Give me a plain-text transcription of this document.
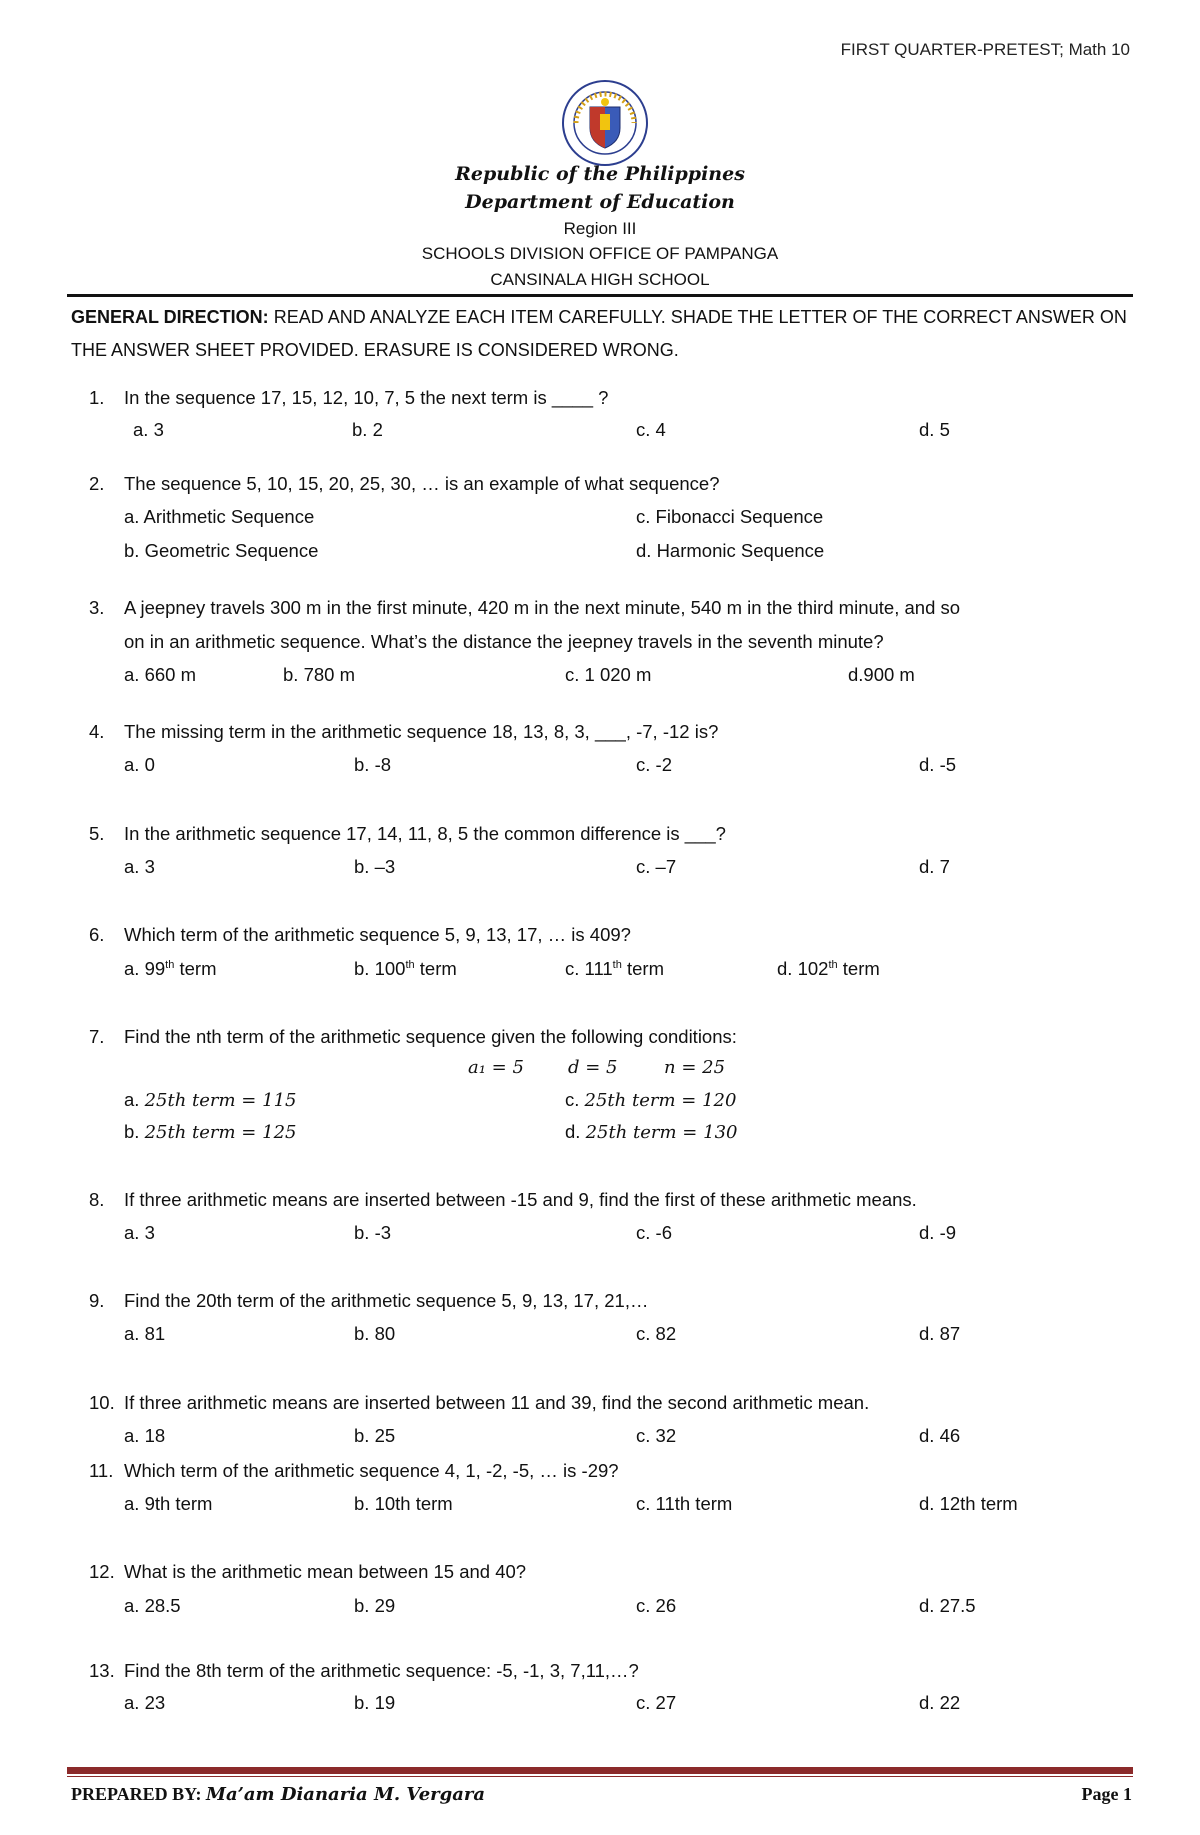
FIRST QUARTER-PRETEST; Math 10
Republic of the Philippines
Department of Education
Region III
SCHOOLS DIVISION OFFICE OF PAMPANGA
CANSINALA HIGH SCHOOL
GENERAL DIRECTION: READ AND ANALYZE EACH ITEM CAREFULLY. SHADE THE LETTER OF THE CORRECT ANSWER ON THE ANSWER SHEET PROVIDED. ERASURE IS CONSIDERED WRONG.
1. In the sequence 17, 15, 12, 10, 7, 5 the next term is ____ ?
a. 3	b. 2	c. 4	d. 5
2. The sequence 5, 10, 15, 20, 25, 30, … is an example of what sequence?
a. Arithmetic Sequence	c. Fibonacci Sequence
b. Geometric Sequence	d. Harmonic Sequence
3. A jeepney travels 300 m in the first minute, 420 m in the next minute, 540 m in the third minute, and so
on in an arithmetic sequence. What’s the distance the jeepney travels in the seventh minute?
a. 660 m	b. 780 m	c. 1 020 m	d.900 m
4. The missing term in the arithmetic sequence 18, 13, 8, 3, ___, -7, -12 is?
a. 0	b. -8	c. -2	d. -5
5. In the arithmetic sequence 17, 14, 11, 8, 5 the common difference is ___?
a. 3	b. –3	c. –7	d. 7
6. Which term of the arithmetic sequence 5, 9, 13, 17, … is 409?
a. 99th term	b. 100th term	c. 111th term	d. 102th term
7. Find the nth term of the arithmetic sequence given the following conditions:
a₁ = 5 d = 5	n = 25
a. 25th term = 115	c. 25th term = 120
b. 25th term = 125	d. 25th term = 130
8. If three arithmetic means are inserted between -15 and 9, find the first of these arithmetic means.
a. 3	b. -3	c. -6	d. -9
9. Find the 20th term of the arithmetic sequence 5, 9, 13, 17, 21,…
a. 81	b. 80	c. 82	d. 87
10. If three arithmetic means are inserted between 11 and 39, find the second arithmetic mean.
a. 18	b. 25	c. 32	d. 46
11. Which term of the arithmetic sequence 4, 1, -2, -5, … is -29?
a. 9th term	b. 10th term	c. 11th term	d. 12th term
12. What is the arithmetic mean between 15 and 40?
a. 28.5	b. 29	c. 26	d. 27.5
13. Find the 8th term of the arithmetic sequence: -5, -1, 3, 7,11,…?
a. 23	b. 19	c. 27	d. 22
PREPARED BY: Ma’am Dianaria M. Vergara	Page 1
